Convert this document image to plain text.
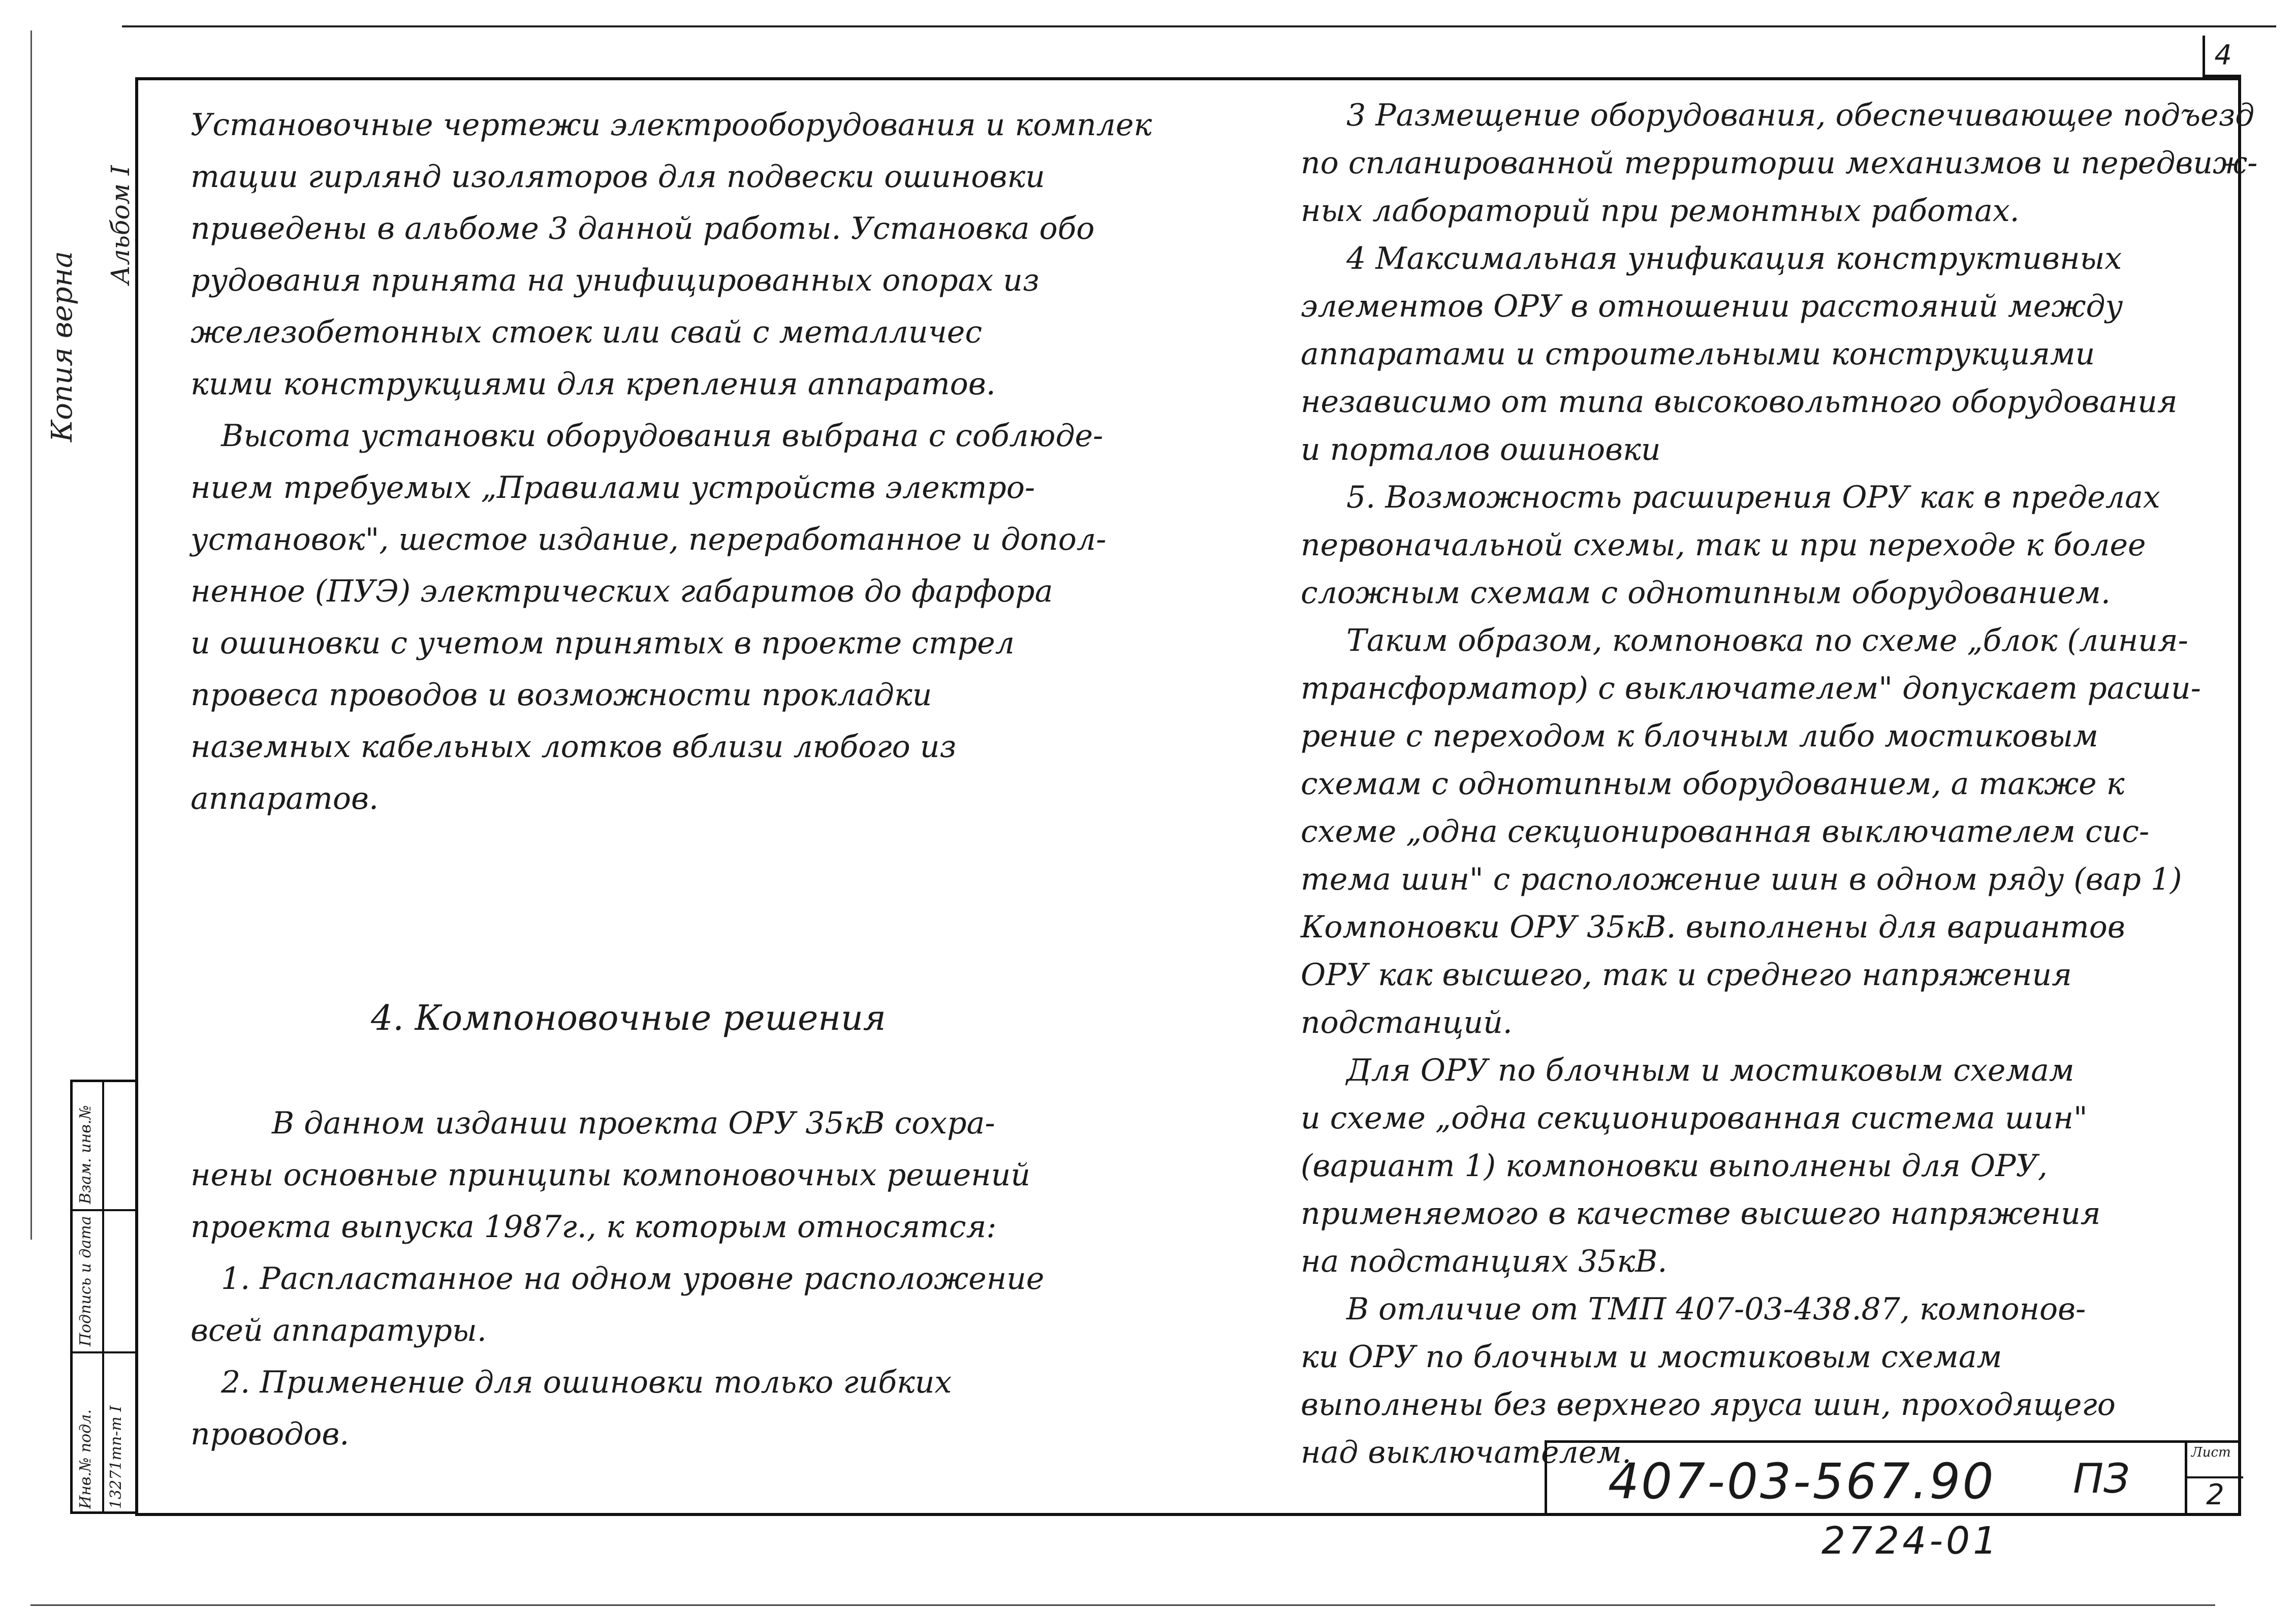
4
Копия верна
Альбом I
Установочные чертежи электрооборудования и комплек
тации гирлянд изоляторов для подвески ошиновки
приведены в альбоме 3 данной работы. Установка обо
рудования принята на унифицированных опорах из
железобетонных стоек или свай с металличес
кими конструкциями для крепления аппаратов.
Высота установки оборудования выбрана с соблюде-
нием требуемых „Правилами устройств электро-
установок", шестое издание, переработанное и допол-
ненное (ПУЭ) электрических габаритов до фарфора
и ошиновки с учетом принятых в проекте стрел
провеса проводов и возможности прокладки
наземных кабельных лотков вблизи любого из
аппаратов.
4. Компоновочные решения
В данном издании проекта ОРУ 35кВ сохра-
нены основные принципы компоновочных решений
проекта выпуска 1987г., к которым относятся:
1. Распластанное на одном уровне расположение
всей аппаратуры.
2. Применение для ошиновки только гибких
проводов.
3 Размещение оборудования, обеспечивающее подъезд
по спланированной территории механизмов и передвиж-
ных лабораторий при ремонтных работах.
4 Максимальная унификация конструктивных
элементов ОРУ в отношении расстояний между
аппаратами и строительными конструкциями
независимо от типа высоковольтного оборудования
и порталов ошиновки
5. Возможность расширения ОРУ как в пределах
первоначальной схемы, так и при переходе к более
сложным схемам с однотипным оборудованием.
Таким образом, компоновка по схеме „блок (линия-
трансформатор) с выключателем" допускает расши-
рение с переходом к блочным либо мостиковым
схемам с однотипным оборудованием, а также к
схеме „одна секционированная выключателем сис-
тема шин" с расположение шин в одном ряду (вар 1)
Компоновки ОРУ 35кВ. выполнены для вариантов
ОРУ как высшего, так и среднего напряжения
подстанций.
Для ОРУ по блочным и мостиковым схемам
и схеме „одна секционированная система шин"
(вариант 1) компоновки выполнены для ОРУ,
применяемого в качестве высшего напряжения
на подстанциях 35кВ.
В отличие от ТМП 407-03-438.87, компонов-
ки ОРУ по блочным и мостиковым схемам
выполнены без верхнего яруса шин, проходящего
над выключателем.
Взам. инв.№
Подпись и дата
Инв.№ подл. 13271тп-т I	407-03-567.90 ПЗ
Лист
2
2724-01
